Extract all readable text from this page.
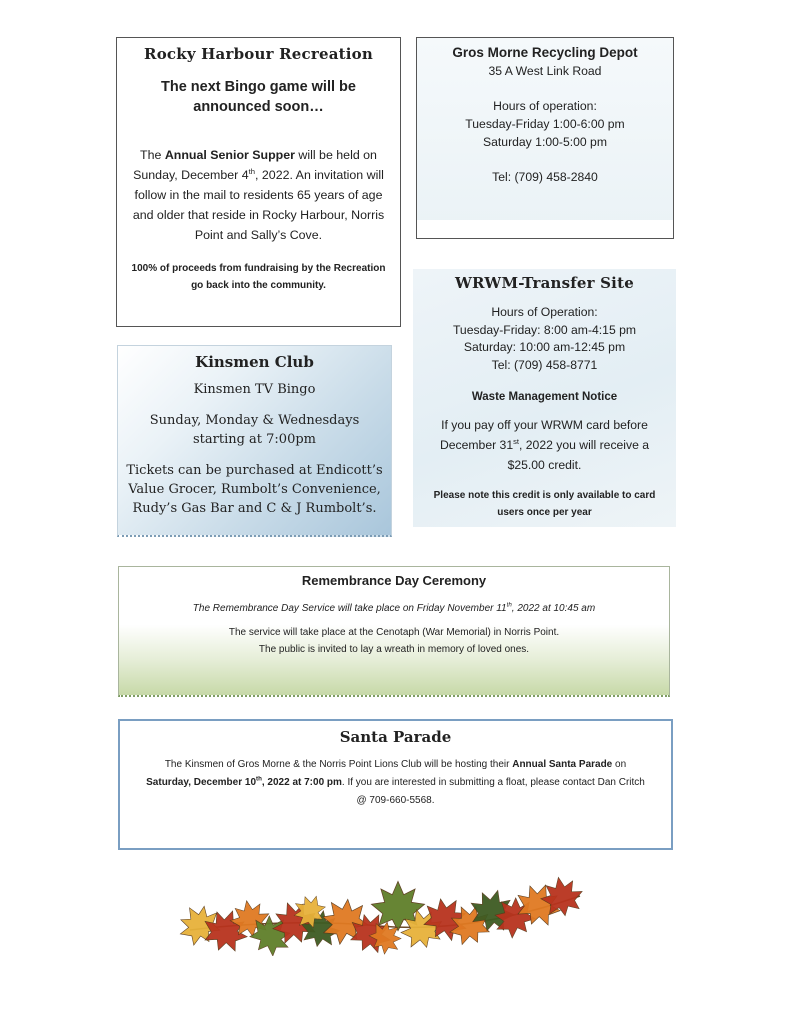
Rocky Harbour Recreation

The next Bingo game will be announced soon…

The Annual Senior Supper will be held on Sunday, December 4th, 2022. An invitation will follow in the mail to residents 65 years of age and older that reside in Rocky Harbour, Norris Point and Sally’s Cove.

100% of proceeds from fundraising by the Recreation go back into the community.

Gros Morne Recycling Depot

35 A West Link Road

Hours of operation:

Tuesday-Friday 1:00-6:00 pm

Saturday 1:00-5:00 pm

Tel: (709) 458-2840

WRWM-Transfer Site

Hours of Operation:

Tuesday-Friday: 8:00 am-4:15 pm

Saturday: 10:00 am-12:45 pm

Tel: (709) 458-8771

Waste Management Notice

If you pay off your WRWM card before December 31st, 2022 you will receive a $25.00 credit.

Please note this credit is only available to card users once per year

Kinsmen Club

Kinsmen TV Bingo

Sunday, Monday & Wednesdays starting at 7:00pm

Tickets can be purchased at Endicott’s Value Grocer, Rumbolt’s Convenience, Rudy’s Gas Bar and C & J Rumbolt’s.

Remembrance Day Ceremony

The Remembrance Day Service will take place on Friday November 11th, 2022 at 10:45 am

The service will take place at the Cenotaph (War Memorial) in Norris Point.

The public is invited to lay a wreath in memory of loved ones.

Santa Parade

The Kinsmen of Gros Morne & the Norris Point Lions Club will be hosting their Annual Santa Parade on Saturday, December 10th, 2022 at 7:00 pm. If you are interested in submitting a float, please contact Dan Critch @ 709-660-5568.
